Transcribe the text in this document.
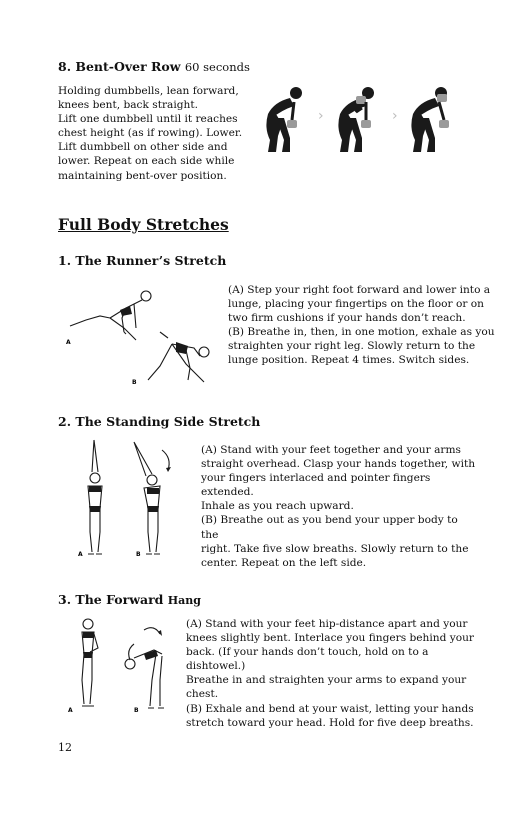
8. Bent-Over Row 60 seconds
Holding dumbbells, lean forward,
knees bent, back straight.
Lift one dumbbell until it reaches
chest height (as if rowing). Lower.
Lift dumbbell on other side and
lower. Repeat on each side while
maintaining bent-over position.
›	›
Full Body Stretches
1. The Runner’s Stretch
(A) Step your right foot forward and lower into a
lunge, placing your fingertips on the floor or on
two firm cushions if your hands don’t reach.
(B) Breathe in, then, in one motion, exhale as you
straighten your right leg. Slowly return to the
lunge position. Repeat 4 times. Switch sides.
A
B
2. The Standing Side Stretch
(A) Stand with your feet together and your arms
straight overhead. Clasp your hands together, with
your fingers interlaced and pointer fingers extended.
Inhale as you reach upward.
(B) Breathe out as you bend your upper body to the
right. Take five slow breaths. Slowly return to the
center. Repeat on the left side.
A	B
3. The Forward Hang
(A) Stand with your feet hip-distance apart and your
knees slightly bent. Interlace you fingers behind your
back. (If your hands don’t touch, hold on to a dishtowel.)
Breathe in and straighten your arms to expand your chest.
(B) Exhale and bend at your waist, letting your hands
stretch toward your head. Hold for five deep breaths.
A	B
12
